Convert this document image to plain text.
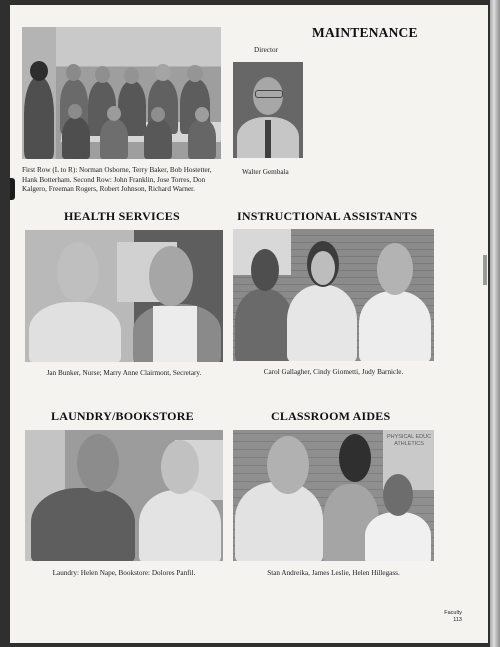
MAINTENANCE
First Row (L to R): Norman Osborne, Terry Baker, Bob Hostetter, Hank Botterham. Second Row: John Franklin, Jose Torres, Don Kalgero, Freeman Rogers, Robert Johnson, Richard Warner.
Director
Walter Gembala
HEALTH SERVICES
Jan Bunker, Nurse; Marry Anne Clairmont, Secretary.
INSTRUCTIONAL ASSISTANTS
Carol Gallagher, Cindy Giometti, Judy Barnicle.
LAUNDRY/BOOKSTORE
Laundry: Helen Nape, Bookstore: Dolores Panfil.
CLASSROOM AIDES
PHYSICAL EDUC ATHLETICS
Stan Andreika, James Leslie, Helen Hillegass.
Faculty
113
